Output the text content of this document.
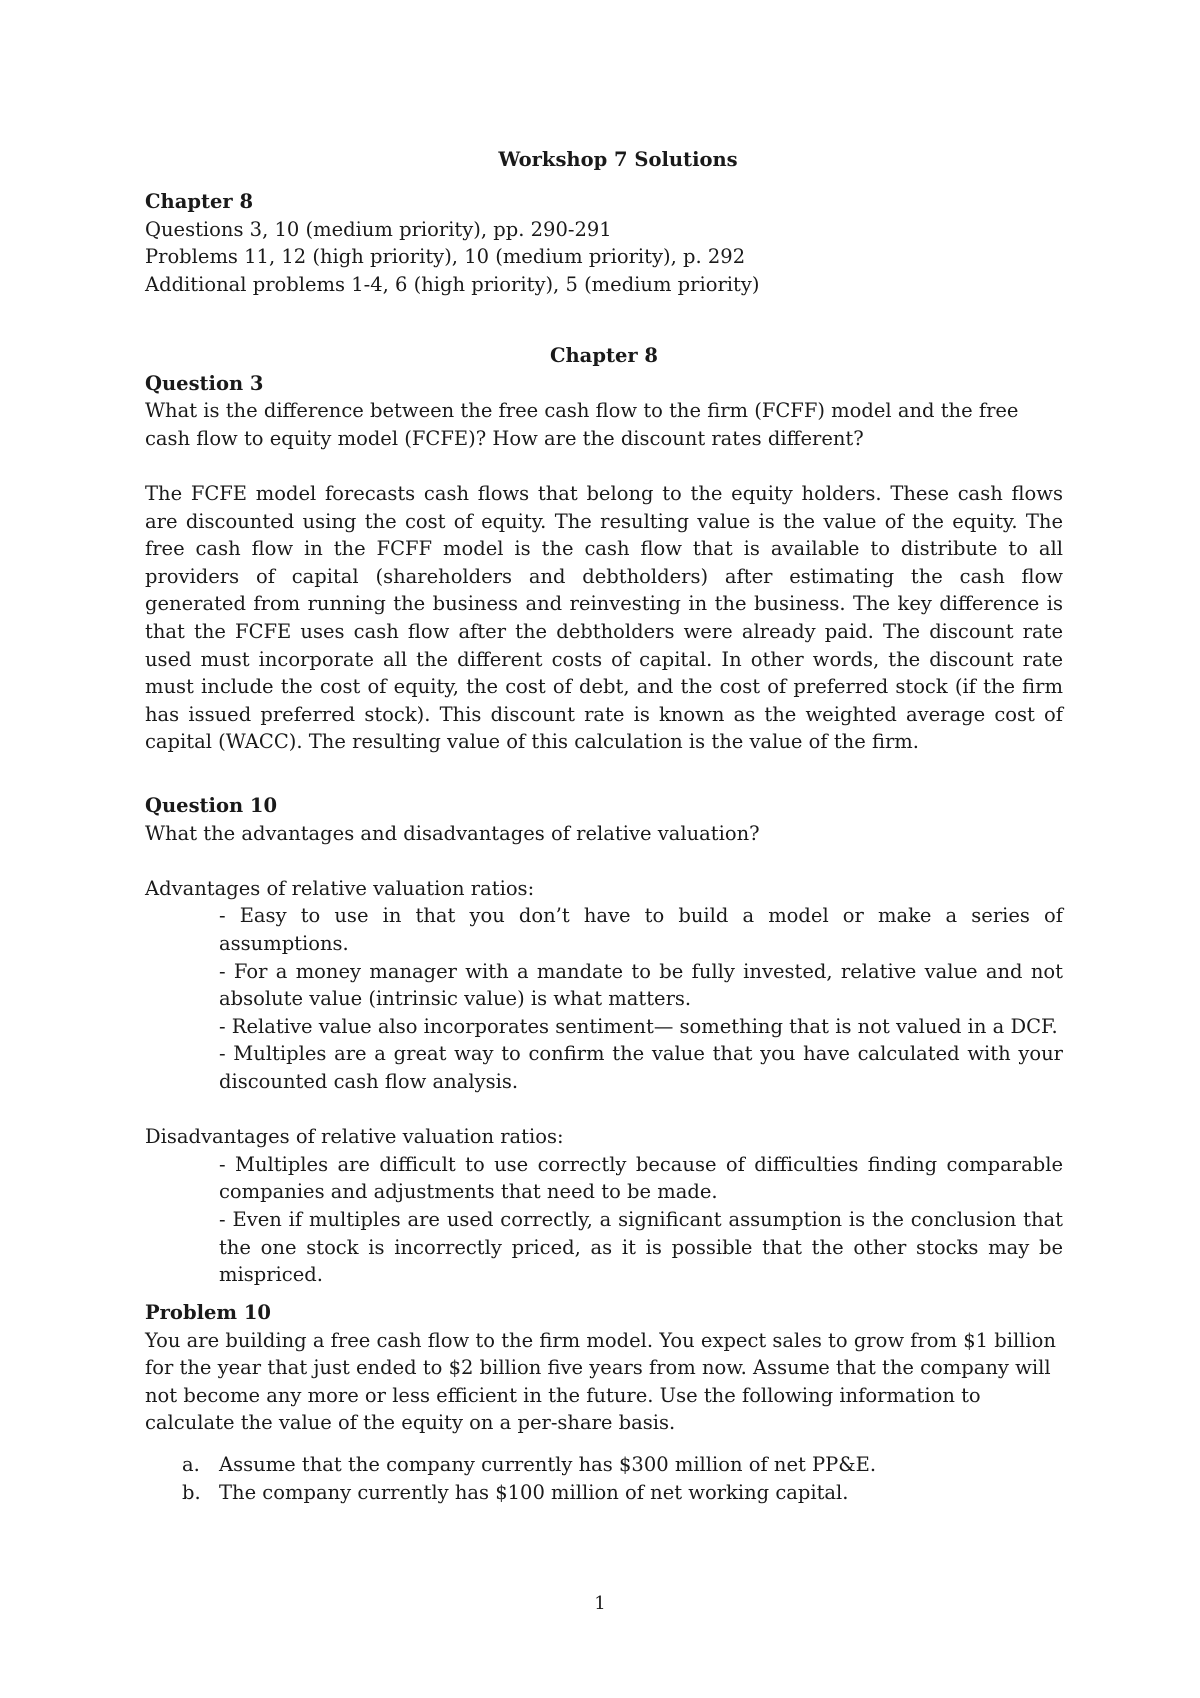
Workshop 7 Solutions

Chapter 8

Questions 3, 10 (medium priority), pp. 290-291

Problems 11, 12 (high priority), 10 (medium priority), p. 292

Additional problems 1-4, 6 (high priority), 5 (medium priority)

Chapter 8

Question 3

What is the difference between the free cash flow to the firm (FCFF) model and the free cash flow to equity model (FCFE)? How are the discount rates different?

The FCFE model forecasts cash flows that belong to the equity holders. These cash flows are discounted using the cost of equity. The resulting value is the value of the equity. The free cash flow in the FCFF model is the cash flow that is available to distribute to all providers of capital (shareholders and debtholders) after estimating the cash flow generated from running the business and reinvesting in the business. The key difference is that the FCFE uses cash flow after the debtholders were already paid. The discount rate used must incorporate all the different costs of capital. In other words, the discount rate must include the cost of equity, the cost of debt, and the cost of preferred stock (if the firm has issued preferred stock). This discount rate is known as the weighted average cost of capital (WACC). The resulting value of this calculation is the value of the firm.

Question 10

What the advantages and disadvantages of relative valuation?

Advantages of relative valuation ratios:

- Easy to use in that you don’t have to build a model or make a series of assumptions.

- For a money manager with a mandate to be fully invested, relative value and not absolute value (intrinsic value) is what matters.

- Relative value also incorporates sentiment— something that is not valued in a DCF.

- Multiples are a great way to confirm the value that you have calculated with your discounted cash flow analysis.

Disadvantages of relative valuation ratios:

- Multiples are difficult to use correctly because of difficulties finding comparable companies and adjustments that need to be made.

- Even if multiples are used correctly, a significant assumption is the conclusion that the one stock is incorrectly priced, as it is possible that the other stocks may be mispriced.

Problem 10

You are building a free cash flow to the firm model. You expect sales to grow from $1 billion for the year that just ended to $2 billion five years from now. Assume that the company will not become any more or less efficient in the future. Use the following information to calculate the value of the equity on a per-share basis.

a. Assume that the company currently has $300 million of net PP&E.
b. The company currently has $100 million of net working capital.

1
